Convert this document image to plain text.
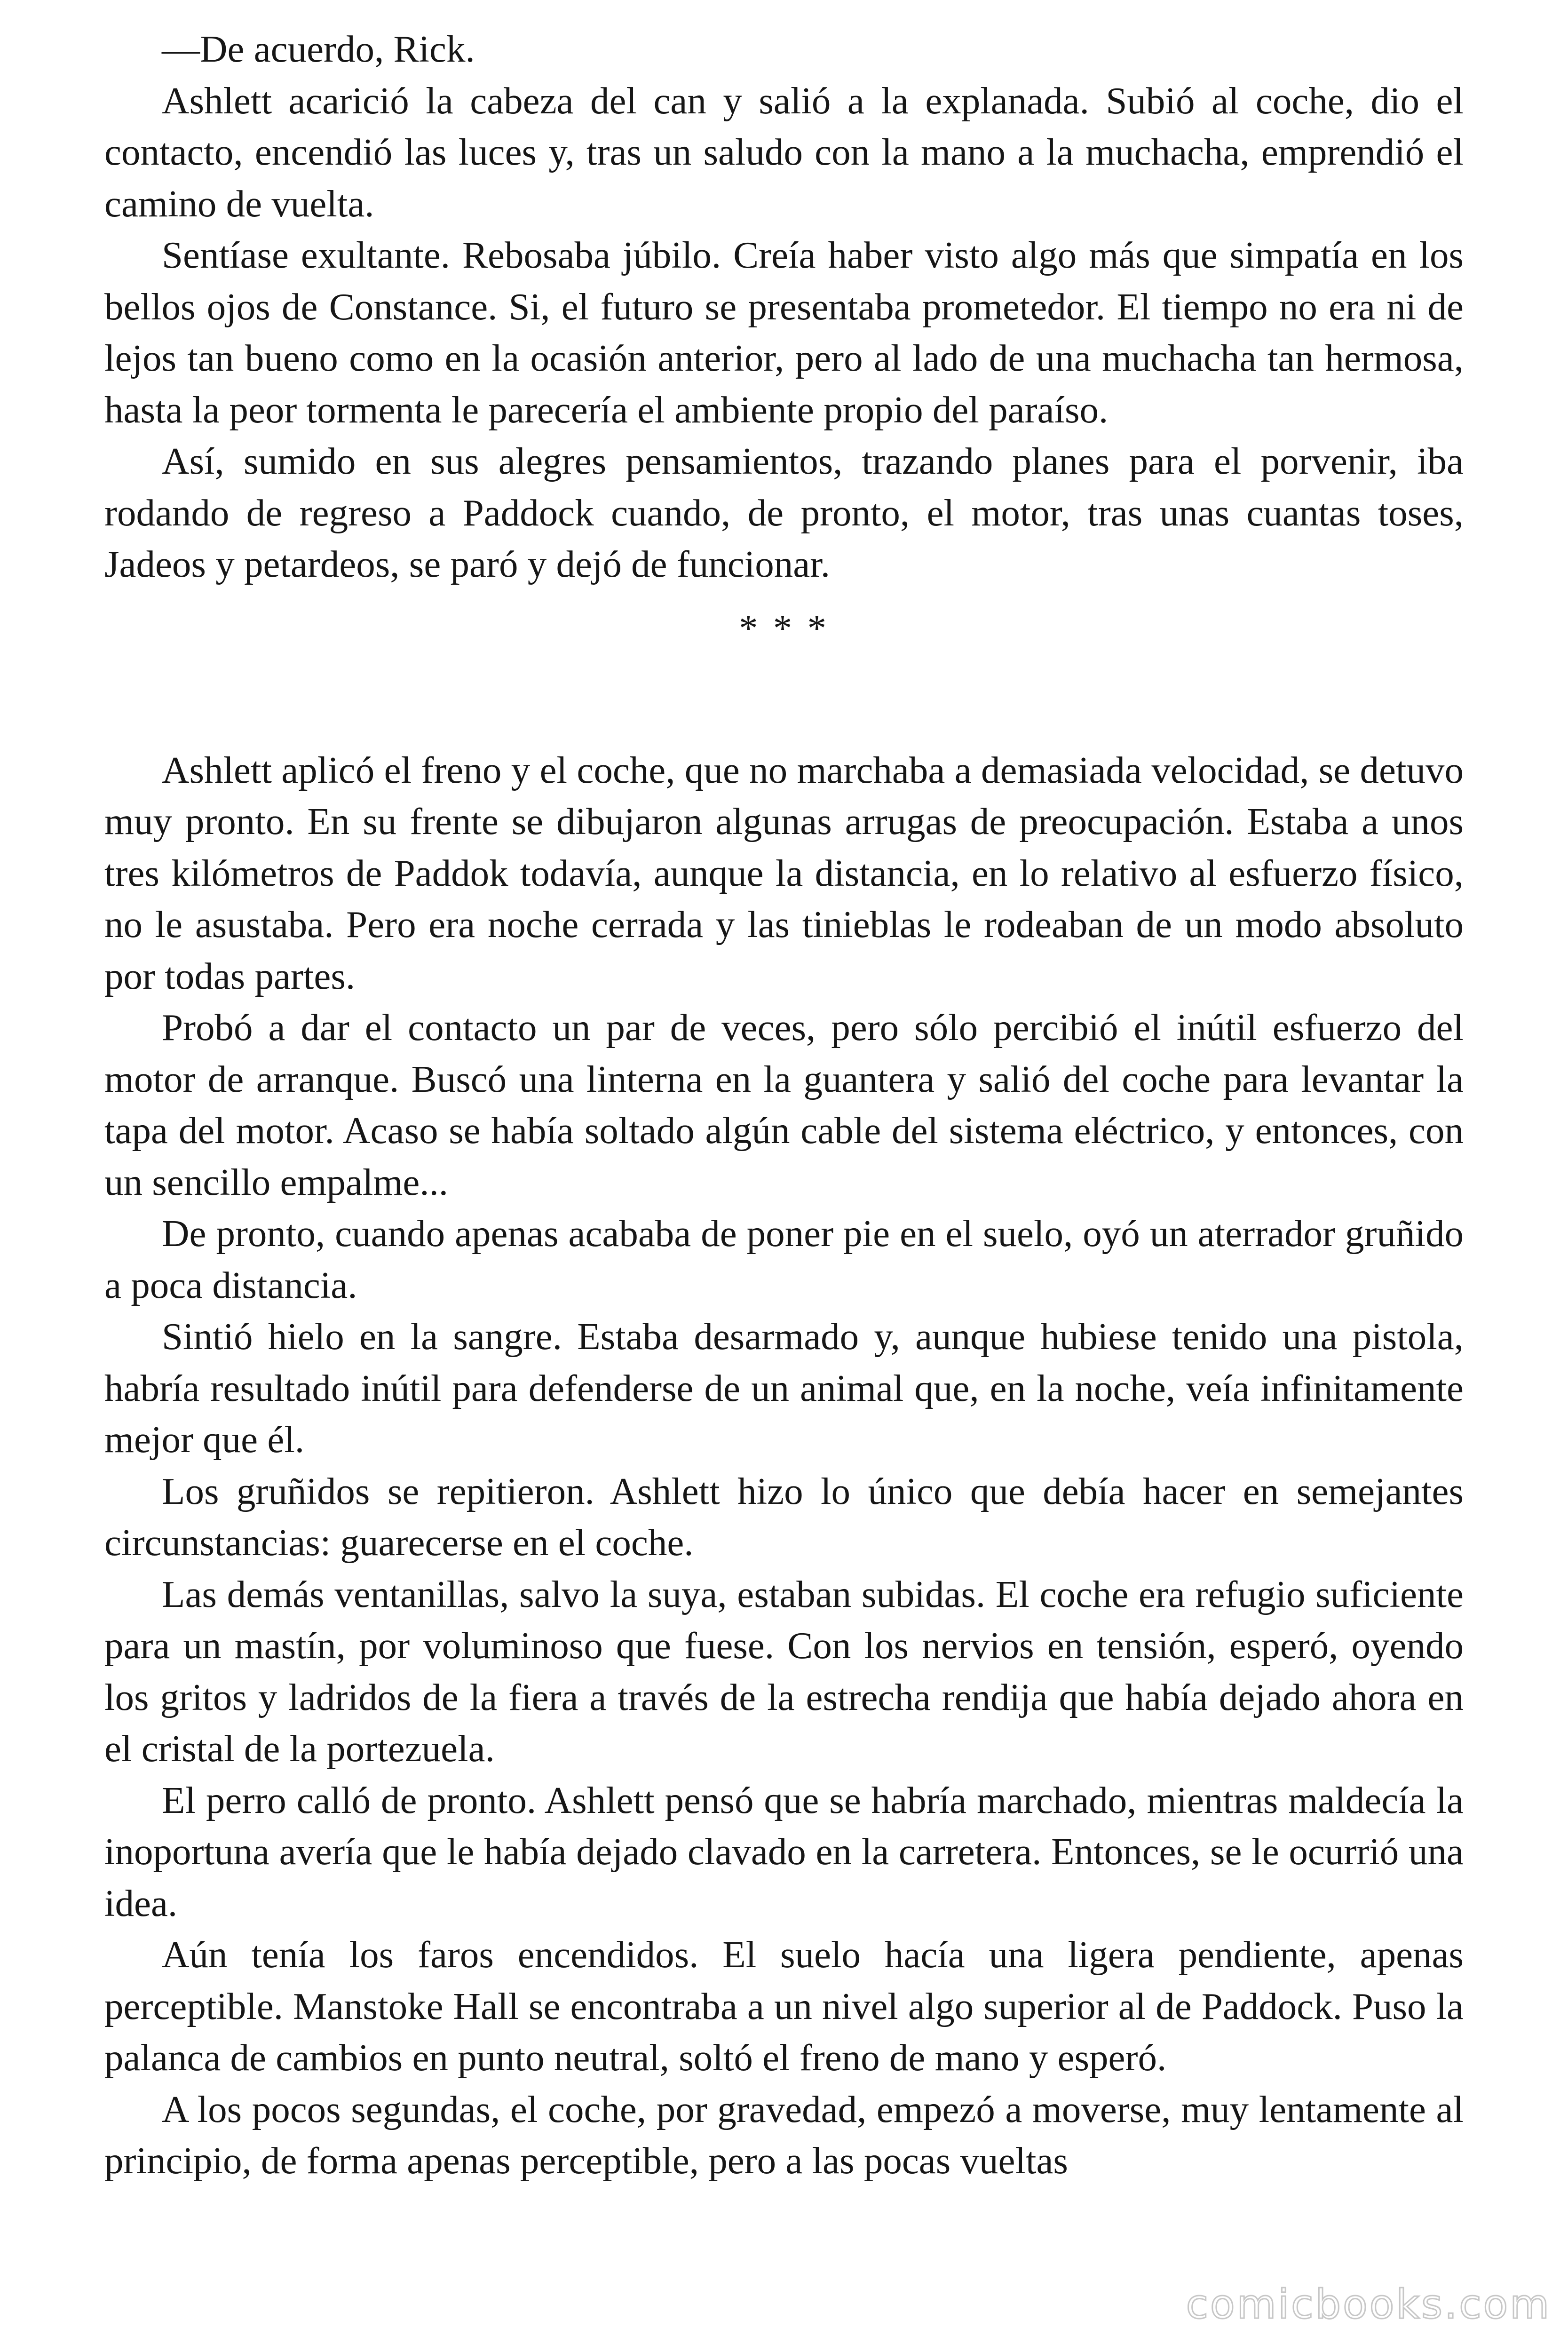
—De acuerdo, Rick.

Ashlett acarició la cabeza del can y salió a la explanada. Subió al coche, dio el contacto, encendió las luces y, tras un saludo con la mano a la muchacha, emprendió el camino de vuelta.

Sentíase exultante. Rebosaba júbilo. Creía haber visto algo más que simpatía en los bellos ojos de Constance. Si, el futuro se presentaba prometedor. El tiempo no era ni de lejos tan bueno como en la ocasión anterior, pero al lado de una muchacha tan hermosa, hasta la peor tormenta le parecería el ambiente propio del paraíso.

Así, sumido en sus alegres pensamientos, trazando planes para el porvenir, iba rodando de regreso a Paddock cuando, de pronto, el motor, tras unas cuantas toses, Jadeos y petardeos, se paró y dejó de funcionar.

* * *

Ashlett aplicó el freno y el coche, que no marchaba a demasiada velocidad, se detuvo muy pronto. En su frente se dibujaron algunas arrugas de preocupación. Estaba a unos tres kilómetros de Paddok todavía, aunque la distancia, en lo relativo al esfuerzo físico, no le asustaba. Pero era noche cerrada y las tinieblas le rodeaban de un modo absoluto por todas partes.

Probó a dar el contacto un par de veces, pero sólo percibió el inútil esfuerzo del motor de arranque. Buscó una linterna en la guantera y salió del coche para levantar la tapa del motor. Acaso se había soltado algún cable del sistema eléctrico, y entonces, con un sencillo empalme...

De pronto, cuando apenas acababa de poner pie en el suelo, oyó un aterrador gruñido a poca distancia.

Sintió hielo en la sangre. Estaba desarmado y, aunque hubiese tenido una pistola, habría resultado inútil para defenderse de un animal que, en la noche, veía infinitamente mejor que él.

Los gruñidos se repitieron. Ashlett hizo lo único que debía hacer en semejantes circunstancias: guarecerse en el coche.

Las demás ventanillas, salvo la suya, estaban subidas. El coche era refugio suficiente para un mastín, por voluminoso que fuese. Con los nervios en tensión, esperó, oyendo los gritos y ladridos de la fiera a través de la estrecha rendija que había dejado ahora en el cristal de la portezuela.

El perro calló de pronto. Ashlett pensó que se habría marchado, mientras maldecía la inoportuna avería que le había dejado clavado en la carretera. Entonces, se le ocurrió una idea.

Aún tenía los faros encendidos. El suelo hacía una ligera pendiente, apenas perceptible. Manstoke Hall se encontraba a un nivel algo superior al de Paddock. Puso la palanca de cambios en punto neutral, soltó el freno de mano y esperó.

A los pocos segundas, el coche, por gravedad, empezó a moverse, muy lentamente al principio, de forma apenas perceptible, pero a las pocas vueltas

comicbooks.com
